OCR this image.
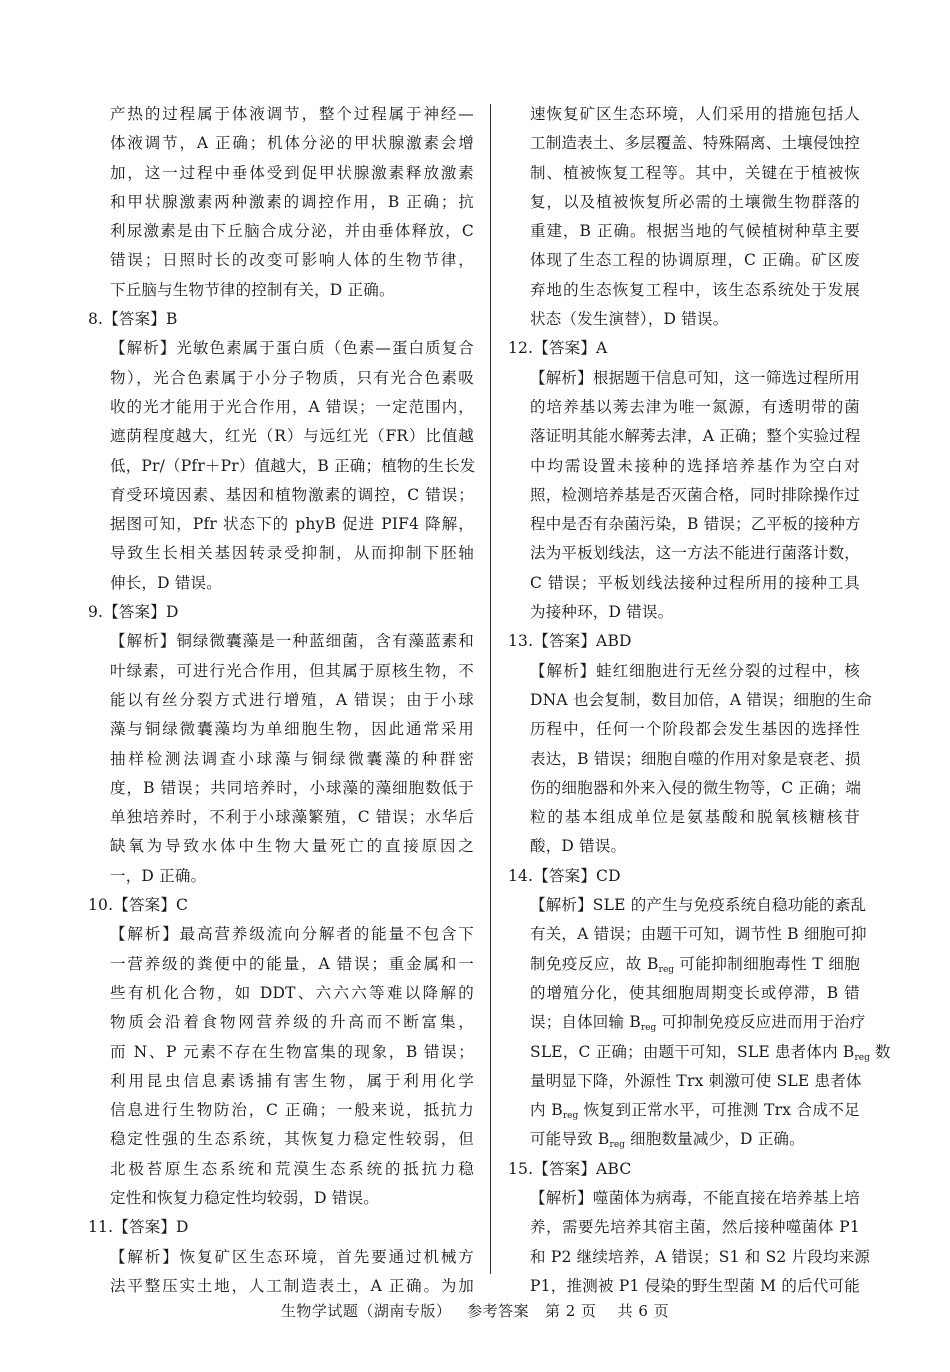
产热的过程属于体液调节，整个过程属于神经—
体液调节，A 正确；机体分泌的甲状腺激素会增
加，这一过程中垂体受到促甲状腺激素释放激素
和甲状腺激素两种激素的调控作用，B 正确；抗
利尿激素是由下丘脑合成分泌，并由垂体释放，C
错误；日照时长的改变可影响人体的生物节律，
下丘脑与生物节律的控制有关，D 正确。
8.【答案】B
【解析】光敏色素属于蛋白质（色素—蛋白质复合
物），光合色素属于小分子物质，只有光合色素吸
收的光才能用于光合作用，A 错误；一定范围内，
遮荫程度越大，红光（R）与远红光（FR）比值越
低，Pr/（Pfr＋Pr）值越大，B 正确；植物的生长发
育受环境因素、基因和植物激素的调控，C 错误；
据图可知，Pfr 状态下的 phyB 促进 PIF4 降解，
导致生长相关基因转录受抑制，从而抑制下胚轴
伸长，D 错误。
9.【答案】D
【解析】铜绿微囊藻是一种蓝细菌，含有藻蓝素和
叶绿素，可进行光合作用，但其属于原核生物，不
能以有丝分裂方式进行增殖，A 错误；由于小球
藻与铜绿微囊藻均为单细胞生物，因此通常采用
抽样检测法调查小球藻与铜绿微囊藻的种群密
度，B 错误；共同培养时，小球藻的藻细胞数低于
单独培养时，不利于小球藻繁殖，C 错误；水华后
缺氧为导致水体中生物大量死亡的直接原因之
一，D 正确。
10.【答案】C
【解析】最高营养级流向分解者的能量不包含下
一营养级的粪便中的能量，A 错误；重金属和一
些有机化合物，如 DDT、六六六等难以降解的
物质会沿着食物网营养级的升高而不断富集，
而 N、P 元素不存在生物富集的现象，B 错误；
利用昆虫信息素诱捕有害生物，属于利用化学
信息进行生物防治，C 正确；一般来说，抵抗力
稳定性强的生态系统，其恢复力稳定性较弱，但
北极苔原生态系统和荒漠生态系统的抵抗力稳
定性和恢复力稳定性均较弱，D 错误。
11.【答案】D
【解析】恢复矿区生态环境，首先要通过机械方
法平整压实土地，人工制造表土，A 正确。为加
速恢复矿区生态环境，人们采用的措施包括人
工制造表土、多层覆盖、特殊隔离、土壤侵蚀控
制、植被恢复工程等。其中，关键在于植被恢
复，以及植被恢复所必需的土壤微生物群落的
重建，B 正确。根据当地的气候植树种草主要
体现了生态工程的协调原理，C 正确。矿区废
弃地的生态恢复工程中，该生态系统处于发展
状态（发生演替），D 错误。
12.【答案】A
【解析】根据题干信息可知，这一筛选过程所用
的培养基以莠去津为唯一氮源，有透明带的菌
落证明其能水解莠去津，A 正确；整个实验过程
中均需设置未接种的选择培养基作为空白对
照，检测培养基是否灭菌合格，同时排除操作过
程中是否有杂菌污染，B 错误；乙平板的接种方
法为平板划线法，这一方法不能进行菌落计数，
C 错误；平板划线法接种过程所用的接种工具
为接种环，D 错误。
13.【答案】ABD
【解析】蛙红细胞进行无丝分裂的过程中，核
DNA 也会复制，数目加倍，A 错误；细胞的生命
历程中，任何一个阶段都会发生基因的选择性
表达，B 错误；细胞自噬的作用对象是衰老、损
伤的细胞器和外来入侵的微生物等，C 正确；端
粒的基本组成单位是氨基酸和脱氧核糖核苷
酸，D 错误。
14.【答案】CD
【解析】SLE 的产生与免疫系统自稳功能的紊乱
有关，A 错误；由题干可知，调节性 B 细胞可抑
制免疫反应，故 $B_{reg}$ 可能抑制细胞毒性 T 细胞
的增殖分化，使其细胞周期变长或停滞，B 错
误；自体回输 $B_{reg}$ 可抑制免疫反应进而用于治疗
SLE，C 正确；由题干可知，SLE 患者体内 $B_{reg}$ 数
量明显下降，外源性 Trx 刺激可使 SLE 患者体
内 $B_{reg}$ 恢复到正常水平，可推测 Trx 合成不足
可能导致 $B_{reg}$ 细胞数量减少，D 正确。
15.【答案】ABC
【解析】噬菌体为病毒，不能直接在培养基上培
养，需要先培养其宿主菌，然后接种噬菌体 P1
和 P2 继续培养，A 错误；S1 和 S2 片段均来源
P1，推测被 P1 侵染的野生型菌 M 的后代可能
生物学试题（湖南专版）   参考答案   第 2 页    共 6 页
